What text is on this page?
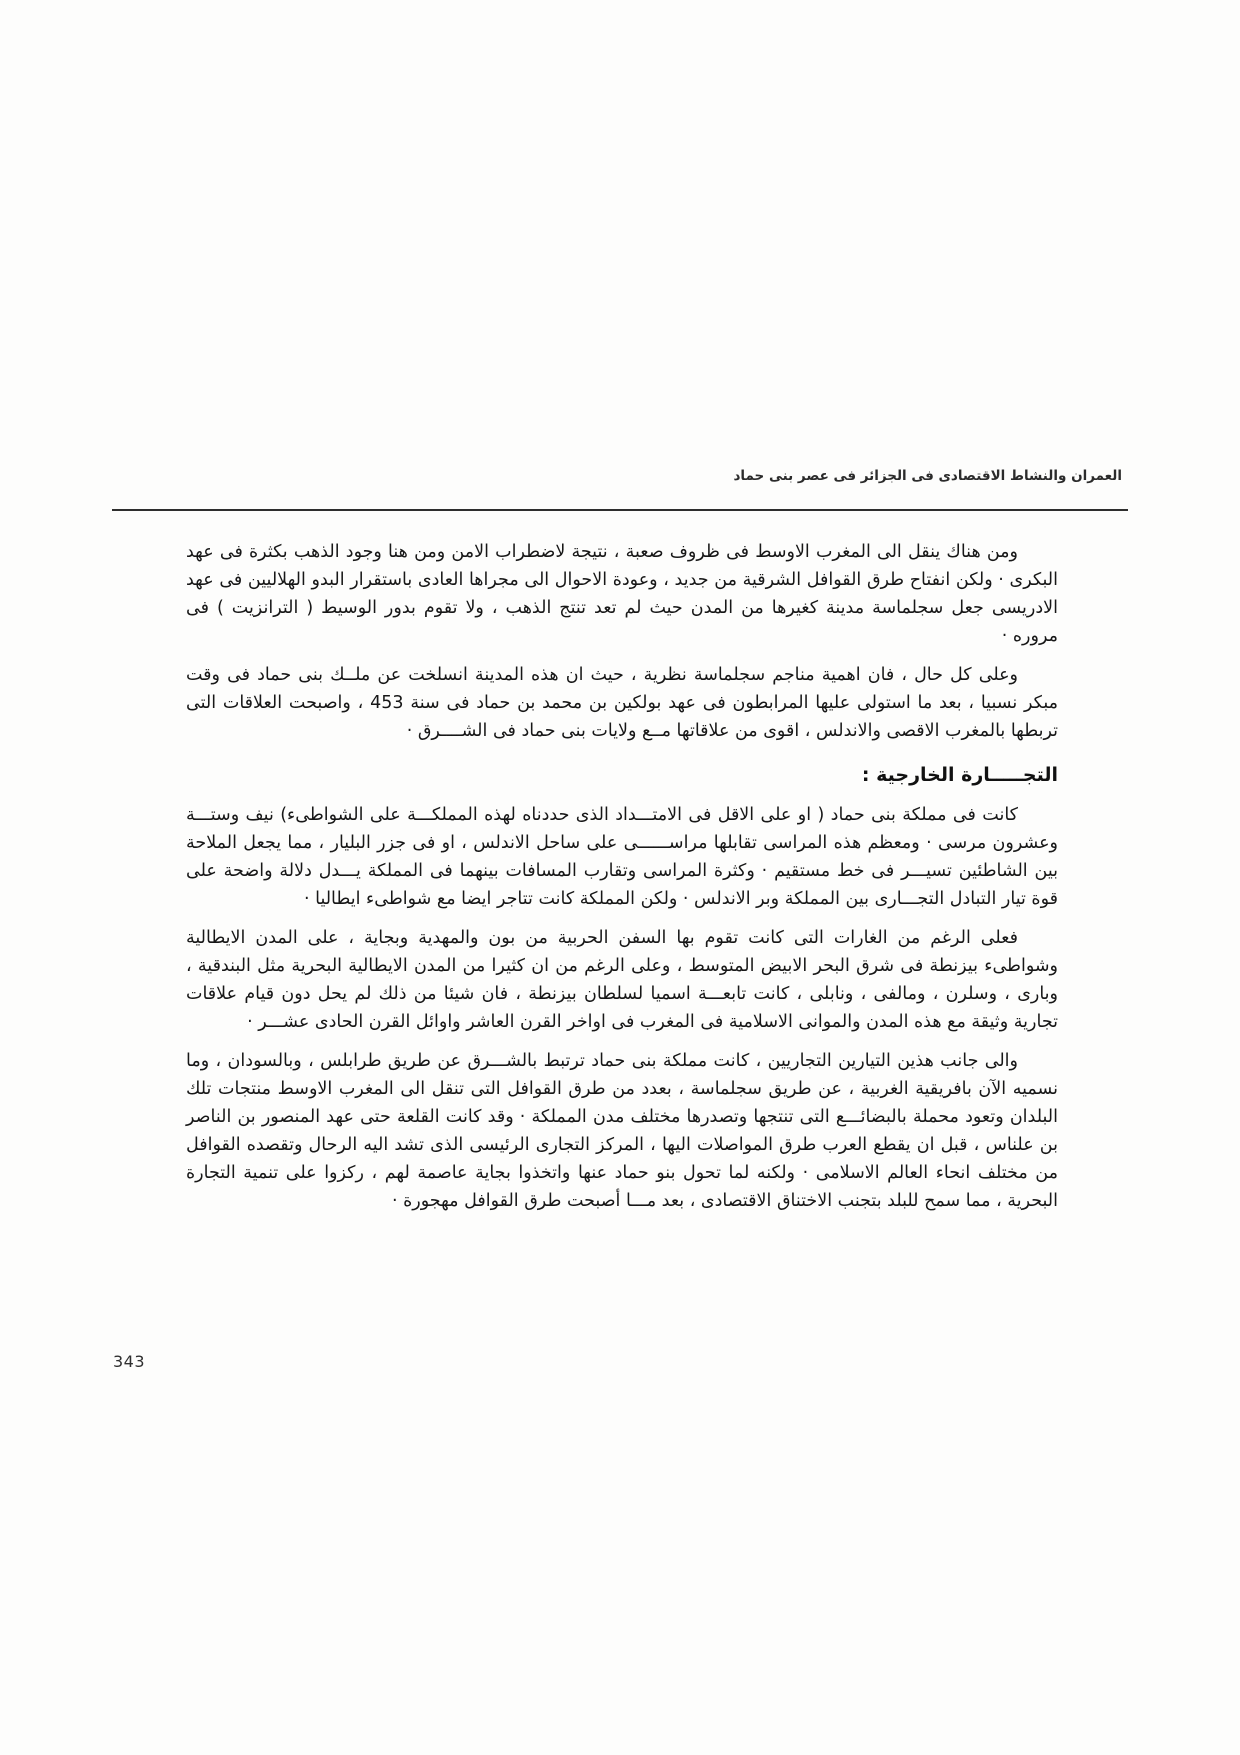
العمران والنشاط الاقتصادى فى الجزائر فى عصر بنى حماد

ومن هناك ينقل الى المغرب الاوسط فى ظروف صعبة ، نتيجة لاضطراب الامن ومن هنا وجود الذهب بكثرة فى عهد البكرى · ولكن انفتاح طرق القوافل الشرقية من جديد ، وعودة الاحوال الى مجراها العادى باستقرار البدو الهلاليين فى عهد الادريسى جعل سجلماسة مدينة كغيرها من المدن حيث لم تعد تنتج الذهب ، ولا تقوم بدور الوسيط ( الترانزيت ) فى مروره ·

وعلى كل حال ، فان اهمية مناجم سجلماسة نظرية ، حيث ان هذه المدينة انسلخت عن ملــك بنى حماد فى وقت مبكر نسبيا ، بعد ما استولى عليها المرابطون فى عهد بولكين بن محمد بن حماد فى سنة 453 ، واصبحت العلاقات التى تربطها بالمغرب الاقصى والاندلس ، اقوى من علاقاتها مــع ولايات بنى حماد فى الشــــرق ·

التجـــــارة الخارجية :

كانت فى مملكة بنى حماد ( او على الاقل فى الامتـــداد الذى حددناه لهذه المملكـــة على الشواطىء) نيف وستـــة وعشرون مرسى · ومعظم هذه المراسى تقابلها مراســــــى على ساحل الاندلس ، او فى جزر البليار ، مما يجعل الملاحة بين الشاطئين تسيـــر فى خط مستقيم · وكثرة المراسى وتقارب المسافات بينهما فى المملكة يـــدل دلالة واضحة على قوة تيار التبادل التجـــارى بين المملكة وبر الاندلس · ولكن المملكة كانت تتاجر ايضا مع شواطىء ايطاليا ·

فعلى الرغم من الغارات التى كانت تقوم بها السفن الحربية من بون والمهدية وبجاية ، على المدن الايطالية وشواطىء بيزنطة فى شرق البحر الابيض المتوسط ، وعلى الرغم من ان كثيرا من المدن الايطالية البحرية مثل البندقية ، وبارى ، وسلرن ، ومالفى ، ونابلى ، كانت تابعـــة اسميا لسلطان بيزنطة ، فان شيئا من ذلك لم يحل دون قيام علاقات تجارية وثيقة مع هذه المدن والموانى الاسلامية فى المغرب فى اواخر القرن العاشر واوائل القرن الحادى عشـــر ·

والى جانب هذين التيارين التجاريين ، كانت مملكة بنى حماد ترتبط بالشـــرق عن طريق طرابلس ، وبالسودان ، وما نسميه الآن بافريقية الغربية ، عن طريق سجلماسة ، بعدد من طرق القوافل التى تنقل الى المغرب الاوسط منتجات تلك البلدان وتعود محملة بالبضائـــع التى تنتجها وتصدرها مختلف مدن المملكة · وقد كانت القلعة حتى عهد المنصور بن الناصر بن علناس ، قبل ان يقطع العرب طرق المواصلات اليها ، المركز التجارى الرئيسى الذى تشد اليه الرحال وتقصده القوافل من مختلف انحاء العالم الاسلامى · ولكنه لما تحول بنو حماد عنها واتخذوا بجاية عاصمة لهم ، ركزوا على تنمية التجارة البحرية ، مما سمح للبلد بتجنب الاختناق الاقتصادى ، بعد مـــا أصبحت طرق القوافل مهجورة ·

343
